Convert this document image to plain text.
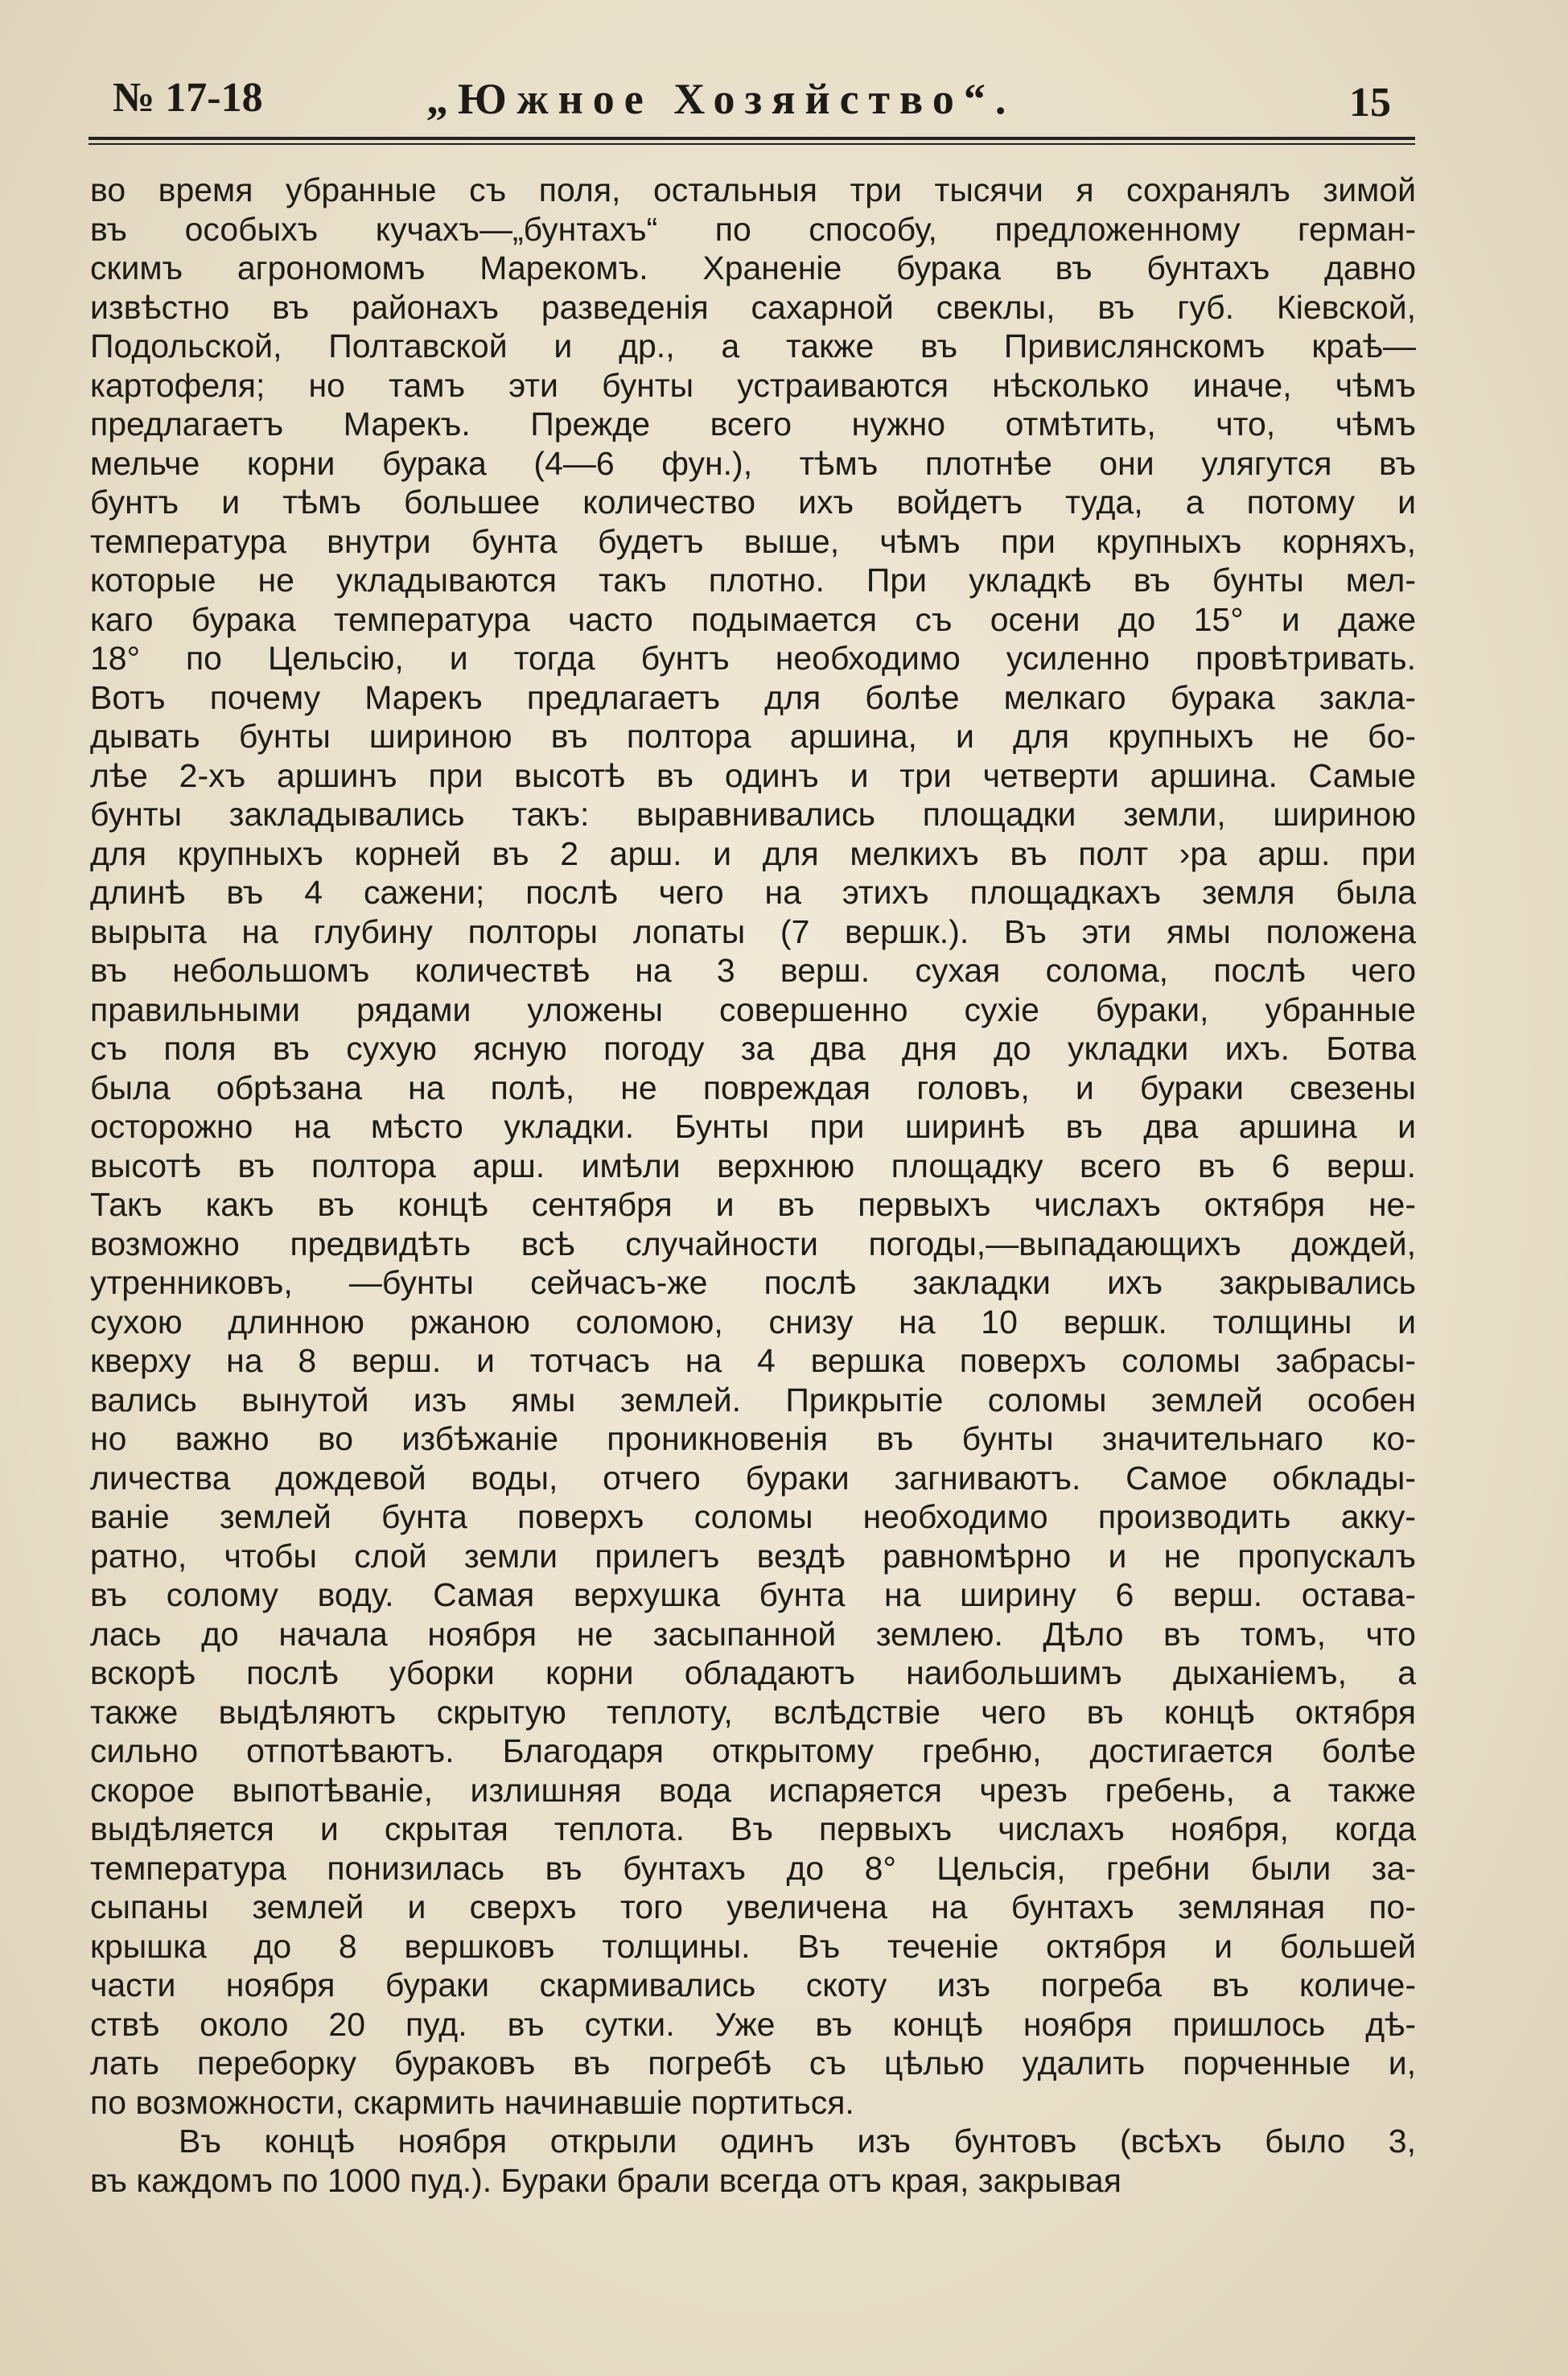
№ 17-18	„Южное Хозяйство“.	15
во время убранные съ поля, остальныя три тысячи я сохранялъ зимой
въ особыхъ кучахъ—„бунтахъ“ по способу, предложенному герман-
скимъ агрономомъ Марекомъ. Храненіе бурака въ бунтахъ давно
извѣстно въ районахъ разведенія сахарной свеклы, въ губ. Кіевской,
Подольской, Полтавской и др., а также въ Привислянскомъ краѣ—
картофеля; но тамъ эти бунты устраиваются нѣсколько иначе, чѣмъ
предлагаетъ Марекъ. Прежде всего нужно отмѣтить, что, чѣмъ
мельче корни бурака (4—6 фун.), тѣмъ плотнѣе они улягутся въ
бунтъ и тѣмъ большее количество ихъ войдетъ туда, а потому и
температура внутри бунта будетъ выше, чѣмъ при крупныхъ корняхъ,
которые не укладываются такъ плотно. При укладкѣ въ бунты мел-
каго бурака температура часто подымается съ осени до 15° и даже
18° по Цельсію, и тогда бунтъ необходимо усиленно провѣтривать.
Вотъ почему Марекъ предлагаетъ для болѣе мелкаго бурака закла-
дывать бунты шириною въ полтора аршина, и для крупныхъ не бо-
лѣе 2-хъ аршинъ при высотѣ въ одинъ и три четверти аршина. Самые
бунты закладывались такъ: выравнивались площадки земли, шириною
для крупныхъ корней въ 2 арш. и для мелкихъ въ полт ›ра арш. при
длинѣ въ 4 сажени; послѣ чего на этихъ площадкахъ земля была
вырыта на глубину полторы лопаты (7 вершк.). Въ эти ямы положена
въ небольшомъ количествѣ на 3 верш. сухая солома, послѣ чего
правильными рядами уложены совершенно сухіе бураки, убранные
съ поля въ сухую ясную погоду за два дня до укладки ихъ. Ботва
была обрѣзана на полѣ, не повреждая головъ, и бураки свезены
осторожно на мѣсто укладки. Бунты при ширинѣ въ два аршина и
высотѣ въ полтора арш. имѣли верхнюю площадку всего въ 6 верш.
Такъ какъ въ концѣ сентября и въ первыхъ числахъ октября не-
возможно предвидѣть всѣ случайности погоды,—выпадающихъ дождей,
утренниковъ, —бунты сейчасъ-же послѣ закладки ихъ закрывались
сухою длинною ржаною соломою, снизу на 10 вершк. толщины и
кверху на 8 верш. и тотчасъ на 4 вершка поверхъ соломы забрасы-
вались вынутой изъ ямы землей. Прикрытіе соломы землей особен
но важно во избѣжаніе проникновенія въ бунты значительнаго ко-
личества дождевой воды, отчего бураки загниваютъ. Самое обклады-
ваніе землей бунта поверхъ соломы необходимо производить акку-
ратно, чтобы слой земли прилегъ вездѣ равномѣрно и не пропускалъ
въ солому воду. Самая верхушка бунта на ширину 6 верш. остава-
лась до начала ноября не засыпанной землею. Дѣло въ томъ, что
вскорѣ послѣ уборки корни обладаютъ наибольшимъ дыханіемъ, а
также выдѣляютъ скрытую теплоту, вслѣдствіе чего въ концѣ октября
сильно отпотѣваютъ. Благодаря открытому гребню, достигается болѣе
скорое выпотѣваніе, излишняя вода испаряется чрезъ гребень, а также
выдѣляется и скрытая теплота. Въ первыхъ числахъ ноября, когда
температура понизилась въ бунтахъ до 8° Цельсія, гребни были за-
сыпаны землей и сверхъ того увеличена на бунтахъ земляная по-
крышка до 8 вершковъ толщины. Въ теченіе октября и большей
части ноября бураки скармивались скоту изъ погреба въ количе-
ствѣ около 20 пуд. въ сутки. Уже въ концѣ ноября пришлось дѣ-
лать переборку бураковъ въ погребѣ съ цѣлью удалить порченные и,
по возможности, скармить начинавшіе портиться.
Въ концѣ ноября открыли одинъ изъ бунтовъ (всѣхъ было 3,
въ каждомъ по 1000 пуд.). Бураки брали всегда отъ края, закрывая
